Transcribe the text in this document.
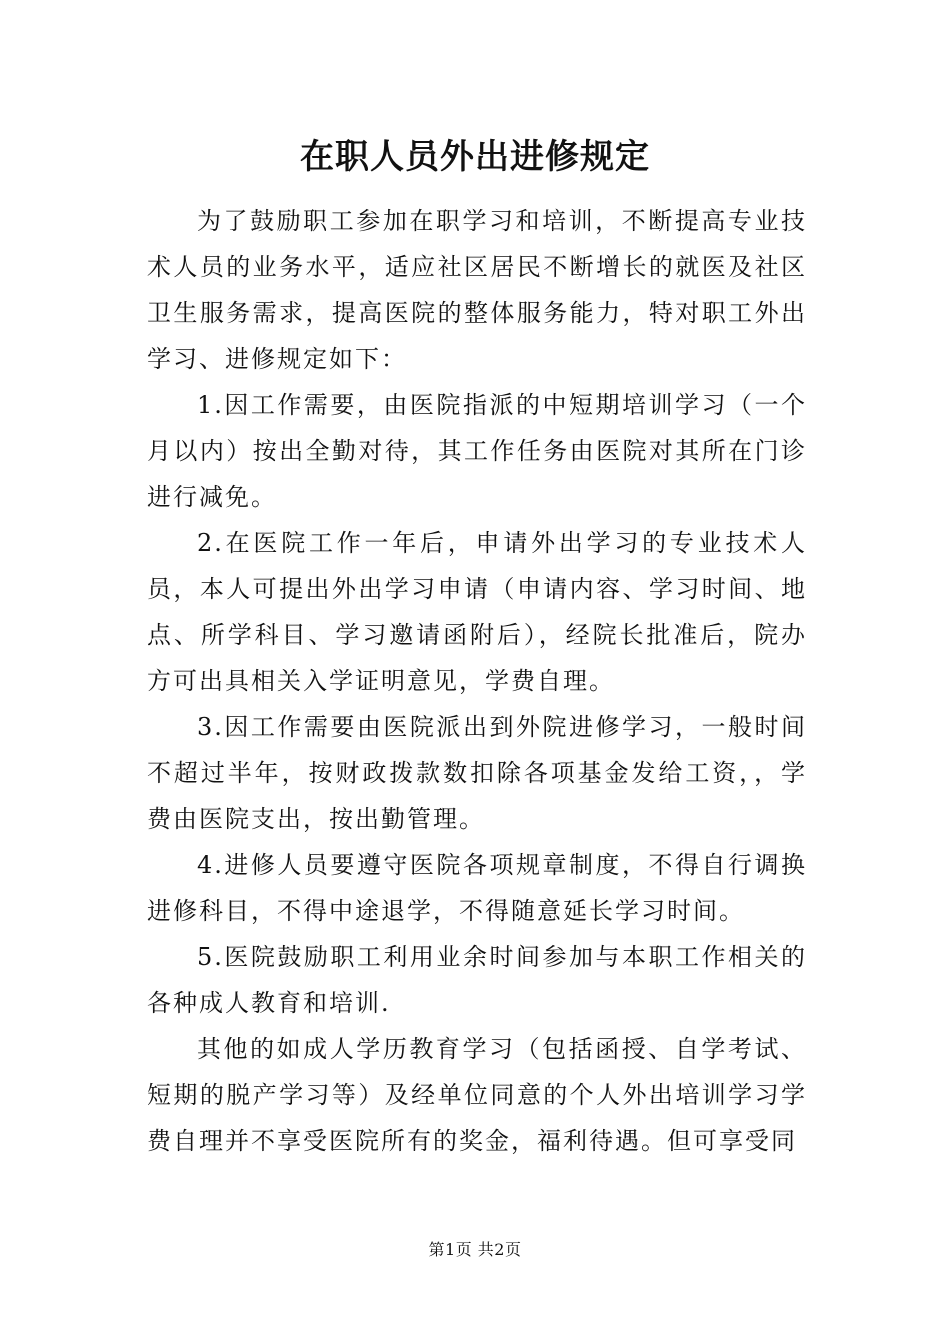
在职人员外出进修规定

为了鼓励职工参加在职学习和培训，不断提高专业技术人员的业务水平，适应社区居民不断增长的就医及社区卫生服务需求，提高医院的整体服务能力，特对职工外出学习、进修规定如下：

1.因工作需要，由医院指派的中短期培训学习（一个月以内）按出全勤对待，其工作任务由医院对其所在门诊进行减免。

2.在医院工作一年后，申请外出学习的专业技术人员，本人可提出外出学习申请（申请内容、学习时间、地点、所学科目、学习邀请函附后），经院长批准后，院办方可出具相关入学证明意见，学费自理。

3.因工作需要由医院派出到外院进修学习，一般时间不超过半年，按财政拨款数扣除各项基金发给工资，，学费由医院支出，按出勤管理。

4.进修人员要遵守医院各项规章制度，不得自行调换进修科目，不得中途退学，不得随意延长学习时间。

5.医院鼓励职工利用业余时间参加与本职工作相关的各种成人教育和培训.

其他的如成人学历教育学习（包括函授、自学考试、短期的脱产学习等）及经单位同意的个人外出培训学习学费自理并不享受医院所有的奖金，福利待遇。但可享受同

第1页 共2页
